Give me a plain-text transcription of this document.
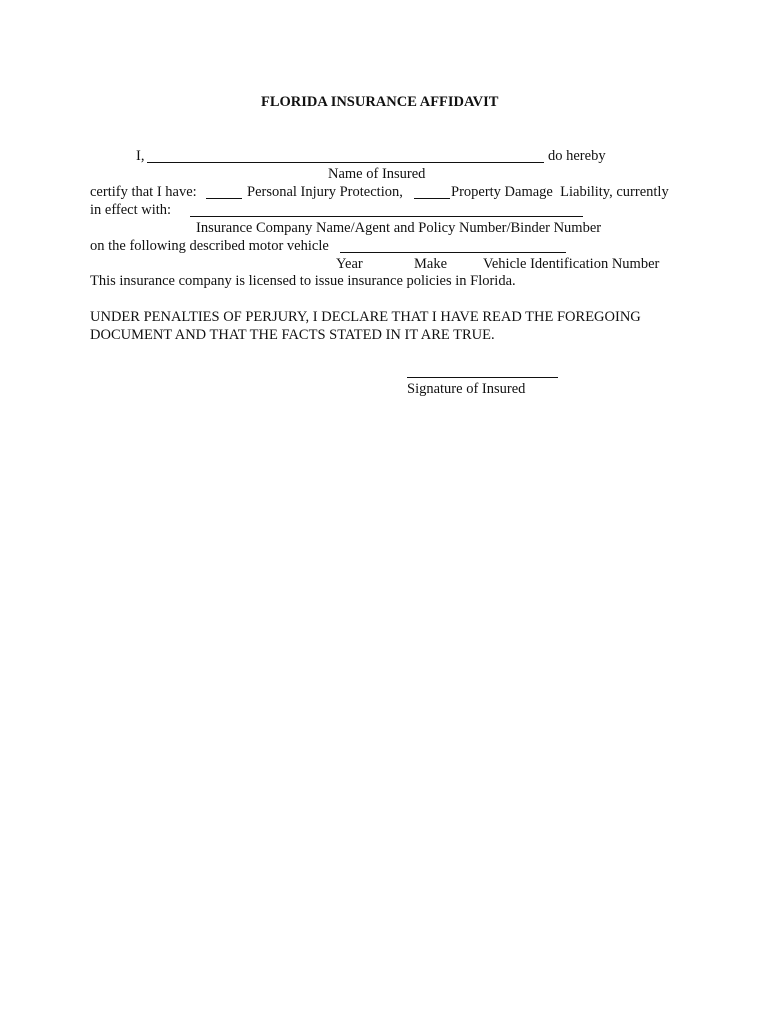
FLORIDA INSURANCE AFFIDAVIT
I,	do hereby
Name of Insured
certify that I have:	Personal Injury Protection,	Property Damage  Liability, currently
in effect with:
Insurance Company Name/Agent and Policy Number/Binder Number
on the following described motor vehicle
Year	Make Vehicle Identification Number
This insurance company is licensed to issue insurance policies in Florida.
UNDER PENALTIES OF PERJURY, I DECLARE THAT I HAVE READ THE FOREGOING
DOCUMENT AND THAT THE FACTS STATED IN IT ARE TRUE.
Signature of Insured
